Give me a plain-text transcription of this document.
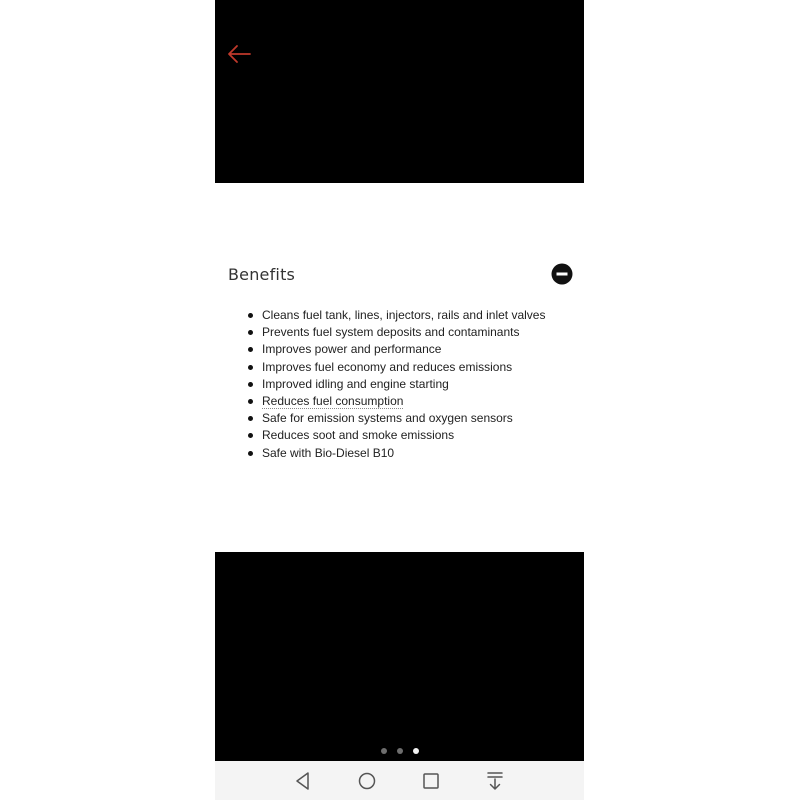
Benefits
Cleans fuel tank, lines, injectors, rails and inlet valves
Prevents fuel system deposits and contaminants
Improves power and performance
Improves fuel economy and reduces emissions
Improved idling and engine starting
Reduces fuel consumption
Safe for emission systems and oxygen sensors
Reduces soot and smoke emissions
Safe with Bio-Diesel B10
